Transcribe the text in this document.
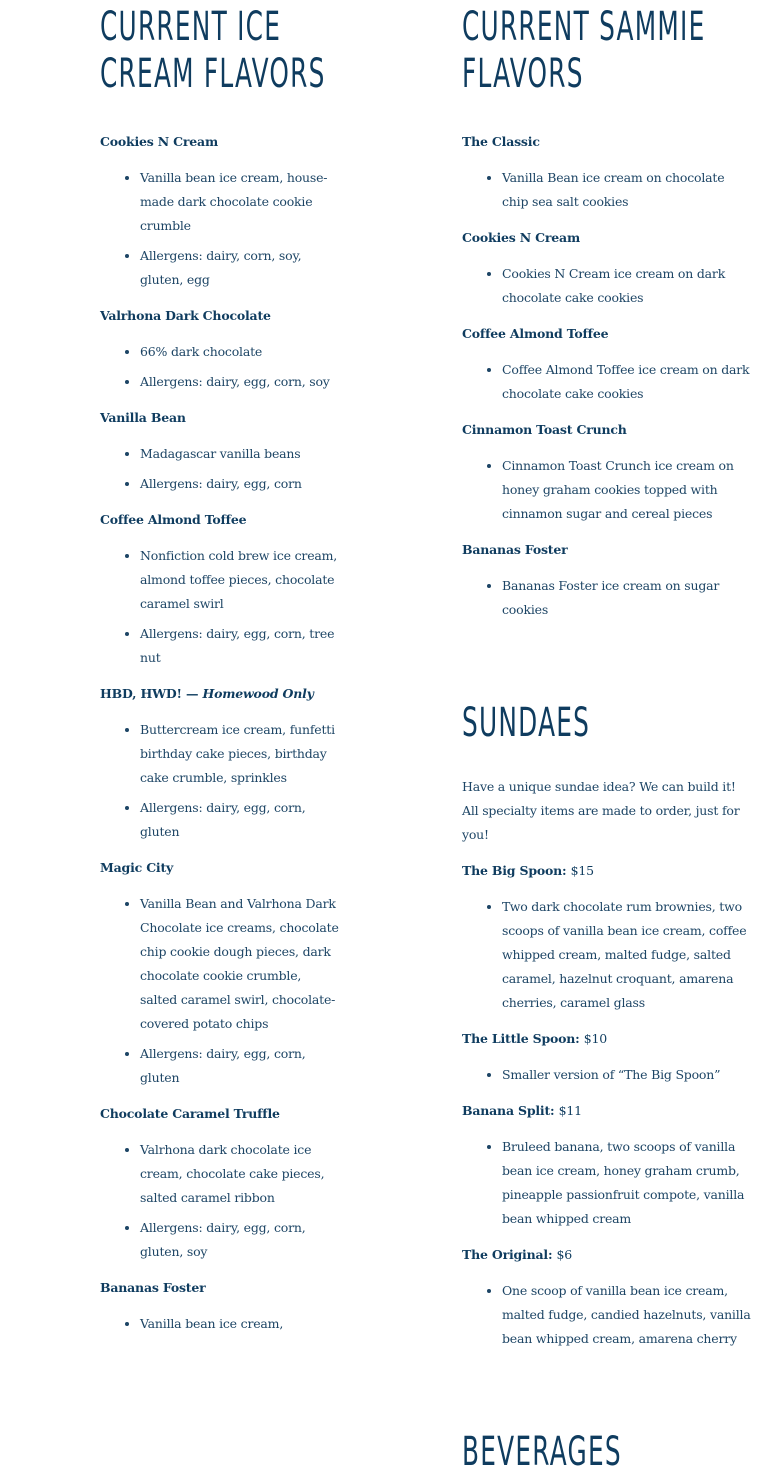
CURRENT ICE
CREAM FLAVORS
Cookies N Cream
• Vanilla bean ice cream, house-made dark chocolate cookie crumble
• Allergens: dairy, corn, soy, gluten, egg
Valrhona Dark Chocolate
• 66% dark chocolate
• Allergens: dairy, egg, corn, soy
Vanilla Bean
• Madagascar vanilla beans
• Allergens: dairy, egg, corn
Coffee Almond Toffee
• Nonfiction cold brew ice cream, almond toffee pieces, chocolate caramel swirl
• Allergens: dairy, egg, corn, tree nut
HBD, HWD! — Homewood Only
• Buttercream ice cream, funfetti birthday cake pieces, birthday cake crumble, sprinkles
• Allergens: dairy, egg, corn, gluten
Magic City
• Vanilla Bean and Valrhona Dark Chocolate ice creams, chocolate chip cookie dough pieces, dark chocolate cookie crumble, salted caramel swirl, chocolate-covered potato chips
• Allergens: dairy, egg, corn, gluten
Chocolate Caramel Truffle
• Valrhona dark chocolate ice cream, chocolate cake pieces, salted caramel ribbon
• Allergens: dairy, egg, corn, gluten, soy
Bananas Foster
• Vanilla bean ice cream,
CURRENT SAMMIE
FLAVORS
The Classic
• Vanilla Bean ice cream on chocolate chip sea salt cookies
Cookies N Cream
• Cookies N Cream ice cream on dark chocolate cake cookies
Coffee Almond Toffee
• Coffee Almond Toffee ice cream on dark chocolate cake cookies
Cinnamon Toast Crunch
• Cinnamon Toast Crunch ice cream on honey graham cookies topped with cinnamon sugar and cereal pieces
Bananas Foster
• Bananas Foster ice cream on sugar cookies
SUNDAES

Have a unique sundae idea? We can build it! All specialty items are made to order, just for you!

The Big Spoon: $15
• Two dark chocolate rum brownies, two scoops of vanilla bean ice cream, coffee whipped cream, malted fudge, salted caramel, hazelnut croquant, amarena cherries, caramel glass
The Little Spoon: $10
• Smaller version of “The Big Spoon”
Banana Split: $11
• Bruleed banana, two scoops of vanilla bean ice cream, honey graham crumb, pineapple passionfruit compote, vanilla bean whipped cream
The Original: $6
• One scoop of vanilla bean ice cream, malted fudge, candied hazelnuts, vanilla bean whipped cream, amarena cherry
BEVERAGES
